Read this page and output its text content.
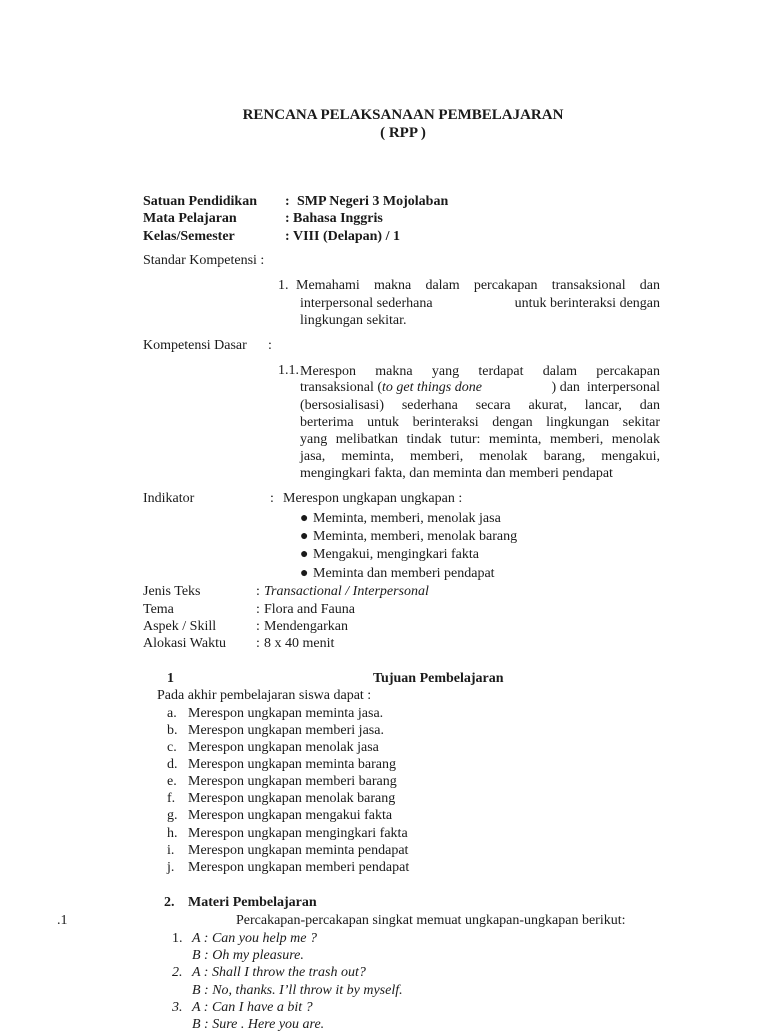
RENCANA PELAKSANAAN PEMBELAJARAN
( RPP )
Satuan Pendidikan : SMP Negeri 3 Mojolaban
Mata Pelajaran	: Bahasa Inggris
Kelas/Semester	: VIII (Delapan) / 1
Standar Kompetensi :
1. Memahami makna dalam percakapan transaksional dan
interpersonal sederhana	untuk berinteraksi dengan
lingkungan sekitar.
Kompetensi Dasar :
1.1. Merespon makna yang terdapat dalam percakapan
transaksional (to get things done	) dan  interpersonal
(bersosialisasi) sederhana secara akurat, lancar, dan
berterima untuk berinteraksi dengan lingkungan sekitar
yang melibatkan tindak tutur: meminta, memberi, menolak
jasa, meminta, memberi, menolak barang, mengakui,
mengingkari fakta, dan meminta dan memberi pendapat
Indikator	: Merespon ungkapan ungkapan :
● Meminta, memberi, menolak jasa
● Meminta, memberi, menolak barang
● Mengakui, mengingkari fakta
● Meminta dan memberi pendapat
Jenis Teks	: Transactional / Interpersonal
Tema	: Flora and Fauna
Aspek / Skill	: Mendengarkan
Alokasi Waktu : 8 x 40 menit
1	Tujuan Pembelajaran
Pada akhir pembelajaran siswa dapat :
a. Merespon ungkapan meminta jasa.
b. Merespon ungkapan memberi jasa.
c. Merespon ungkapan menolak jasa
d. Merespon ungkapan meminta barang
e. Merespon ungkapan memberi barang
f. Merespon ungkapan menolak barang
g. Merespon ungkapan mengakui fakta
h. Merespon ungkapan mengingkari fakta
i. Merespon ungkapan meminta pendapat
j. Merespon ungkapan memberi pendapat
2. Materi Pembelajaran
.1	Percakapan-percakapan singkat memuat ungkapan-ungkapan berikut:
1. A : Can you help me ?
B : Oh my pleasure.
2. A : Shall I throw the trash out?
B : No, thanks. I’ll throw it by myself.
3. A : Can I have a bit ?
B : Sure . Here you are.
